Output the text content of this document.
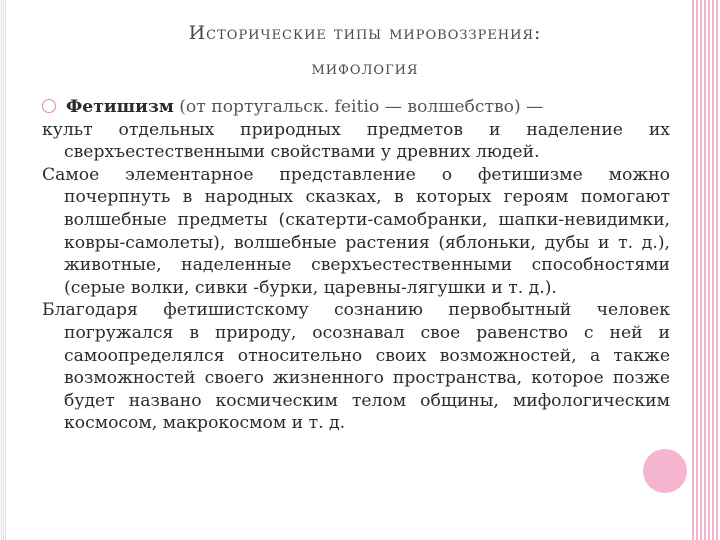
Исторические типы мировоззрения:
мифология
Фетишизм (от португальск. feitio — волшебство) —
культ отдельных природных предметов и наделение их сверхъестественными свойствами у древних людей.

Самое элементарное представление о фетишизме можно почерпнуть в народных сказках, в которых героям помогают волшебные предметы (скатерти-самобранки, шапки-невидимки, ковры-самолеты), волшебные растения (яблоньки, дубы и т. д.), животные, наделенные сверхъестественными способностями (серые волки, сивки -бурки, царевны-лягушки и т. д.).

Благодаря фетишистскому сознанию первобытный человек погружался в природу, осознавал свое равенство с ней и самоопределялся относительно своих возможностей, а также возможностей своего жизненного пространства, которое позже будет названо космическим телом общины, мифологическим космосом, макрокосмом и т. д.
